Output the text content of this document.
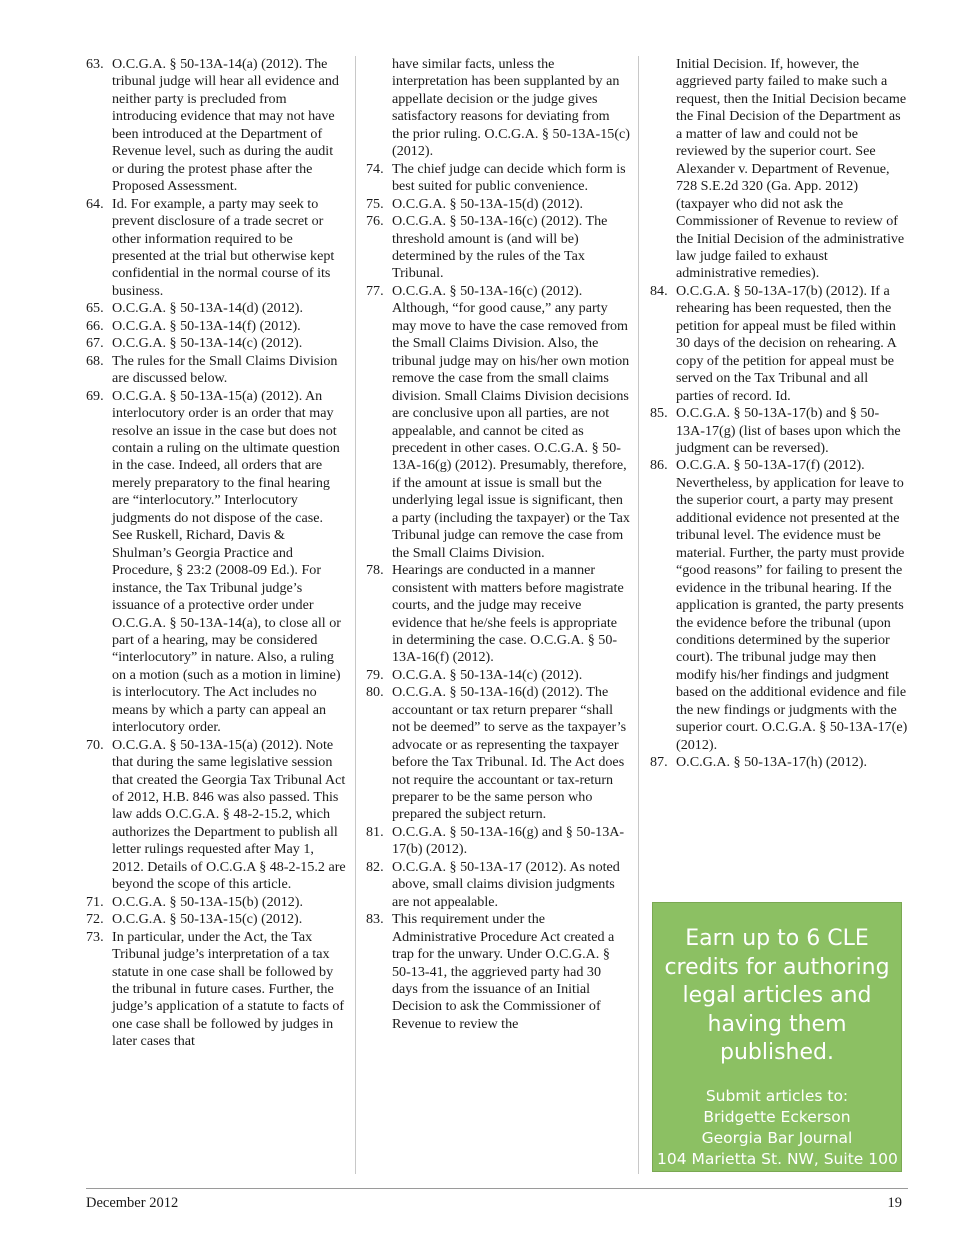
63. O.C.G.A. § 50-13A-14(a) (2012). The tribunal judge will hear all evidence and neither party is precluded from introducing evidence that may not have been introduced at the Department of Revenue level, such as during the audit or during the protest phase after the Proposed Assessment.
64. Id. For example, a party may seek to prevent disclosure of a trade secret or other information required to be presented at the trial but otherwise kept confidential in the normal course of its business.
65. O.C.G.A. § 50-13A-14(d) (2012).
66. O.C.G.A. § 50-13A-14(f) (2012).
67. O.C.G.A. § 50-13A-14(c) (2012).
68. The rules for the Small Claims Division are discussed below.
69. O.C.G.A. § 50-13A-15(a) (2012). An interlocutory order is an order that may resolve an issue in the case but does not contain a ruling on the ultimate question in the case. Indeed, all orders that are merely preparatory to the final hearing are “interlocutory.” Interlocutory judgments do not dispose of the case. See Ruskell, Richard, Davis & Shulman’s Georgia Practice and Procedure, § 23:2 (2008-09 Ed.). For instance, the Tax Tribunal judge’s issuance of a protective order under O.C.G.A. § 50-13A-14(a), to close all or part of a hearing, may be considered “interlocutory” in nature. Also, a ruling on a motion (such as a motion in limine) is interlocutory. The Act includes no means by which a party can appeal an interlocutory order.
70. O.C.G.A. § 50-13A-15(a) (2012). Note that during the same legislative session that created the Georgia Tax Tribunal Act of 2012, H.B. 846 was also passed. This law adds O.C.G.A. § 48-2-15.2, which authorizes the Department to publish all letter rulings requested after May 1, 2012. Details of O.C.G.A § 48-2-15.2 are beyond the scope of this article.
71. O.C.G.A. § 50-13A-15(b) (2012).
72. O.C.G.A. § 50-13A-15(c) (2012).
73. In particular, under the Act, the Tax Tribunal judge’s interpretation of a tax statute in one case shall be followed by the tribunal in future cases. Further, the judge’s application of a statute to facts of one case shall be followed by judges in later cases that
have similar facts, unless the interpretation has been supplanted by an appellate decision or the judge gives satisfactory reasons for deviating from the prior ruling. O.C.G.A. § 50-13A-15(c) (2012).
74. The chief judge can decide which form is best suited for public convenience.
75. O.C.G.A. § 50-13A-15(d) (2012).
76. O.C.G.A. § 50-13A-16(c) (2012). The threshold amount is (and will be) determined by the rules of the Tax Tribunal.
77. O.C.G.A. § 50-13A-16(c) (2012). Although, “for good cause,” any party may move to have the case removed from the Small Claims Division. Also, the tribunal judge may on his/her own motion remove the case from the small claims division. Small Claims Division decisions are conclusive upon all parties, are not appealable, and cannot be cited as precedent in other cases. O.C.G.A. § 50-13A-16(g) (2012). Presumably, therefore, if the amount at issue is small but the underlying legal issue is significant, then a party (including the taxpayer) or the Tax Tribunal judge can remove the case from the Small Claims Division.
78. Hearings are conducted in a manner consistent with matters before magistrate courts, and the judge may receive evidence that he/she feels is appropriate in determining the case. O.C.G.A. § 50-13A-16(f) (2012).
79. O.C.G.A. § 50-13A-14(c) (2012).
80. O.C.G.A. § 50-13A-16(d) (2012). The accountant or tax return preparer “shall not be deemed” to serve as the taxpayer’s advocate or as representing the taxpayer before the Tax Tribunal. Id. The Act does not require the accountant or tax-return preparer to be the same person who prepared the subject return.
81. O.C.G.A. § 50-13A-16(g) and § 50-13A-17(b) (2012).
82. O.C.G.A. § 50-13A-17 (2012). As noted above, small claims division judgments are not appealable.
83. This requirement under the Administrative Procedure Act created a trap for the unwary. Under O.C.G.A. § 50-13-41, the aggrieved party had 30 days from the issuance of an Initial Decision to ask the Commissioner of Revenue to review the
Initial Decision. If, however, the aggrieved party failed to make such a request, then the Initial Decision became the Final Decision of the Department as a matter of law and could not be reviewed by the superior court. See Alexander v. Department of Revenue, 728 S.E.2d 320 (Ga. App. 2012) (taxpayer who did not ask the Commissioner of Revenue to review of the Initial Decision of the administrative law judge failed to exhaust administrative remedies).
84. O.C.G.A. § 50-13A-17(b) (2012). If a rehearing has been requested, then the petition for appeal must be filed within 30 days of the decision on rehearing. A copy of the petition for appeal must be served on the Tax Tribunal and all parties of record. Id.
85. O.C.G.A. § 50-13A-17(b) and § 50-13A-17(g) (list of bases upon which the judgment can be reversed).
86. O.C.G.A. § 50-13A-17(f) (2012). Nevertheless, by application for leave to the superior court, a party may present additional evidence not presented at the tribunal level. The evidence must be material. Further, the party must provide “good reasons” for failing to present the evidence in the tribunal hearing. If the application is granted, the party presents the evidence before the tribunal (upon conditions determined by the superior court). The tribunal judge may then modify his/her findings and judgment based on the additional evidence and file the new findings or judgments with the superior court. O.C.G.A. § 50-13A-17(e) (2012).
87. O.C.G.A. § 50-13A-17(h) (2012).
Earn up to 6 CLE credits for authoring legal articles and having them published.
Submit articles to:
Bridgette Eckerson
Georgia Bar Journal
104 Marietta St. NW, Suite 100
Atlanta, GA 30303
December 2012	19
